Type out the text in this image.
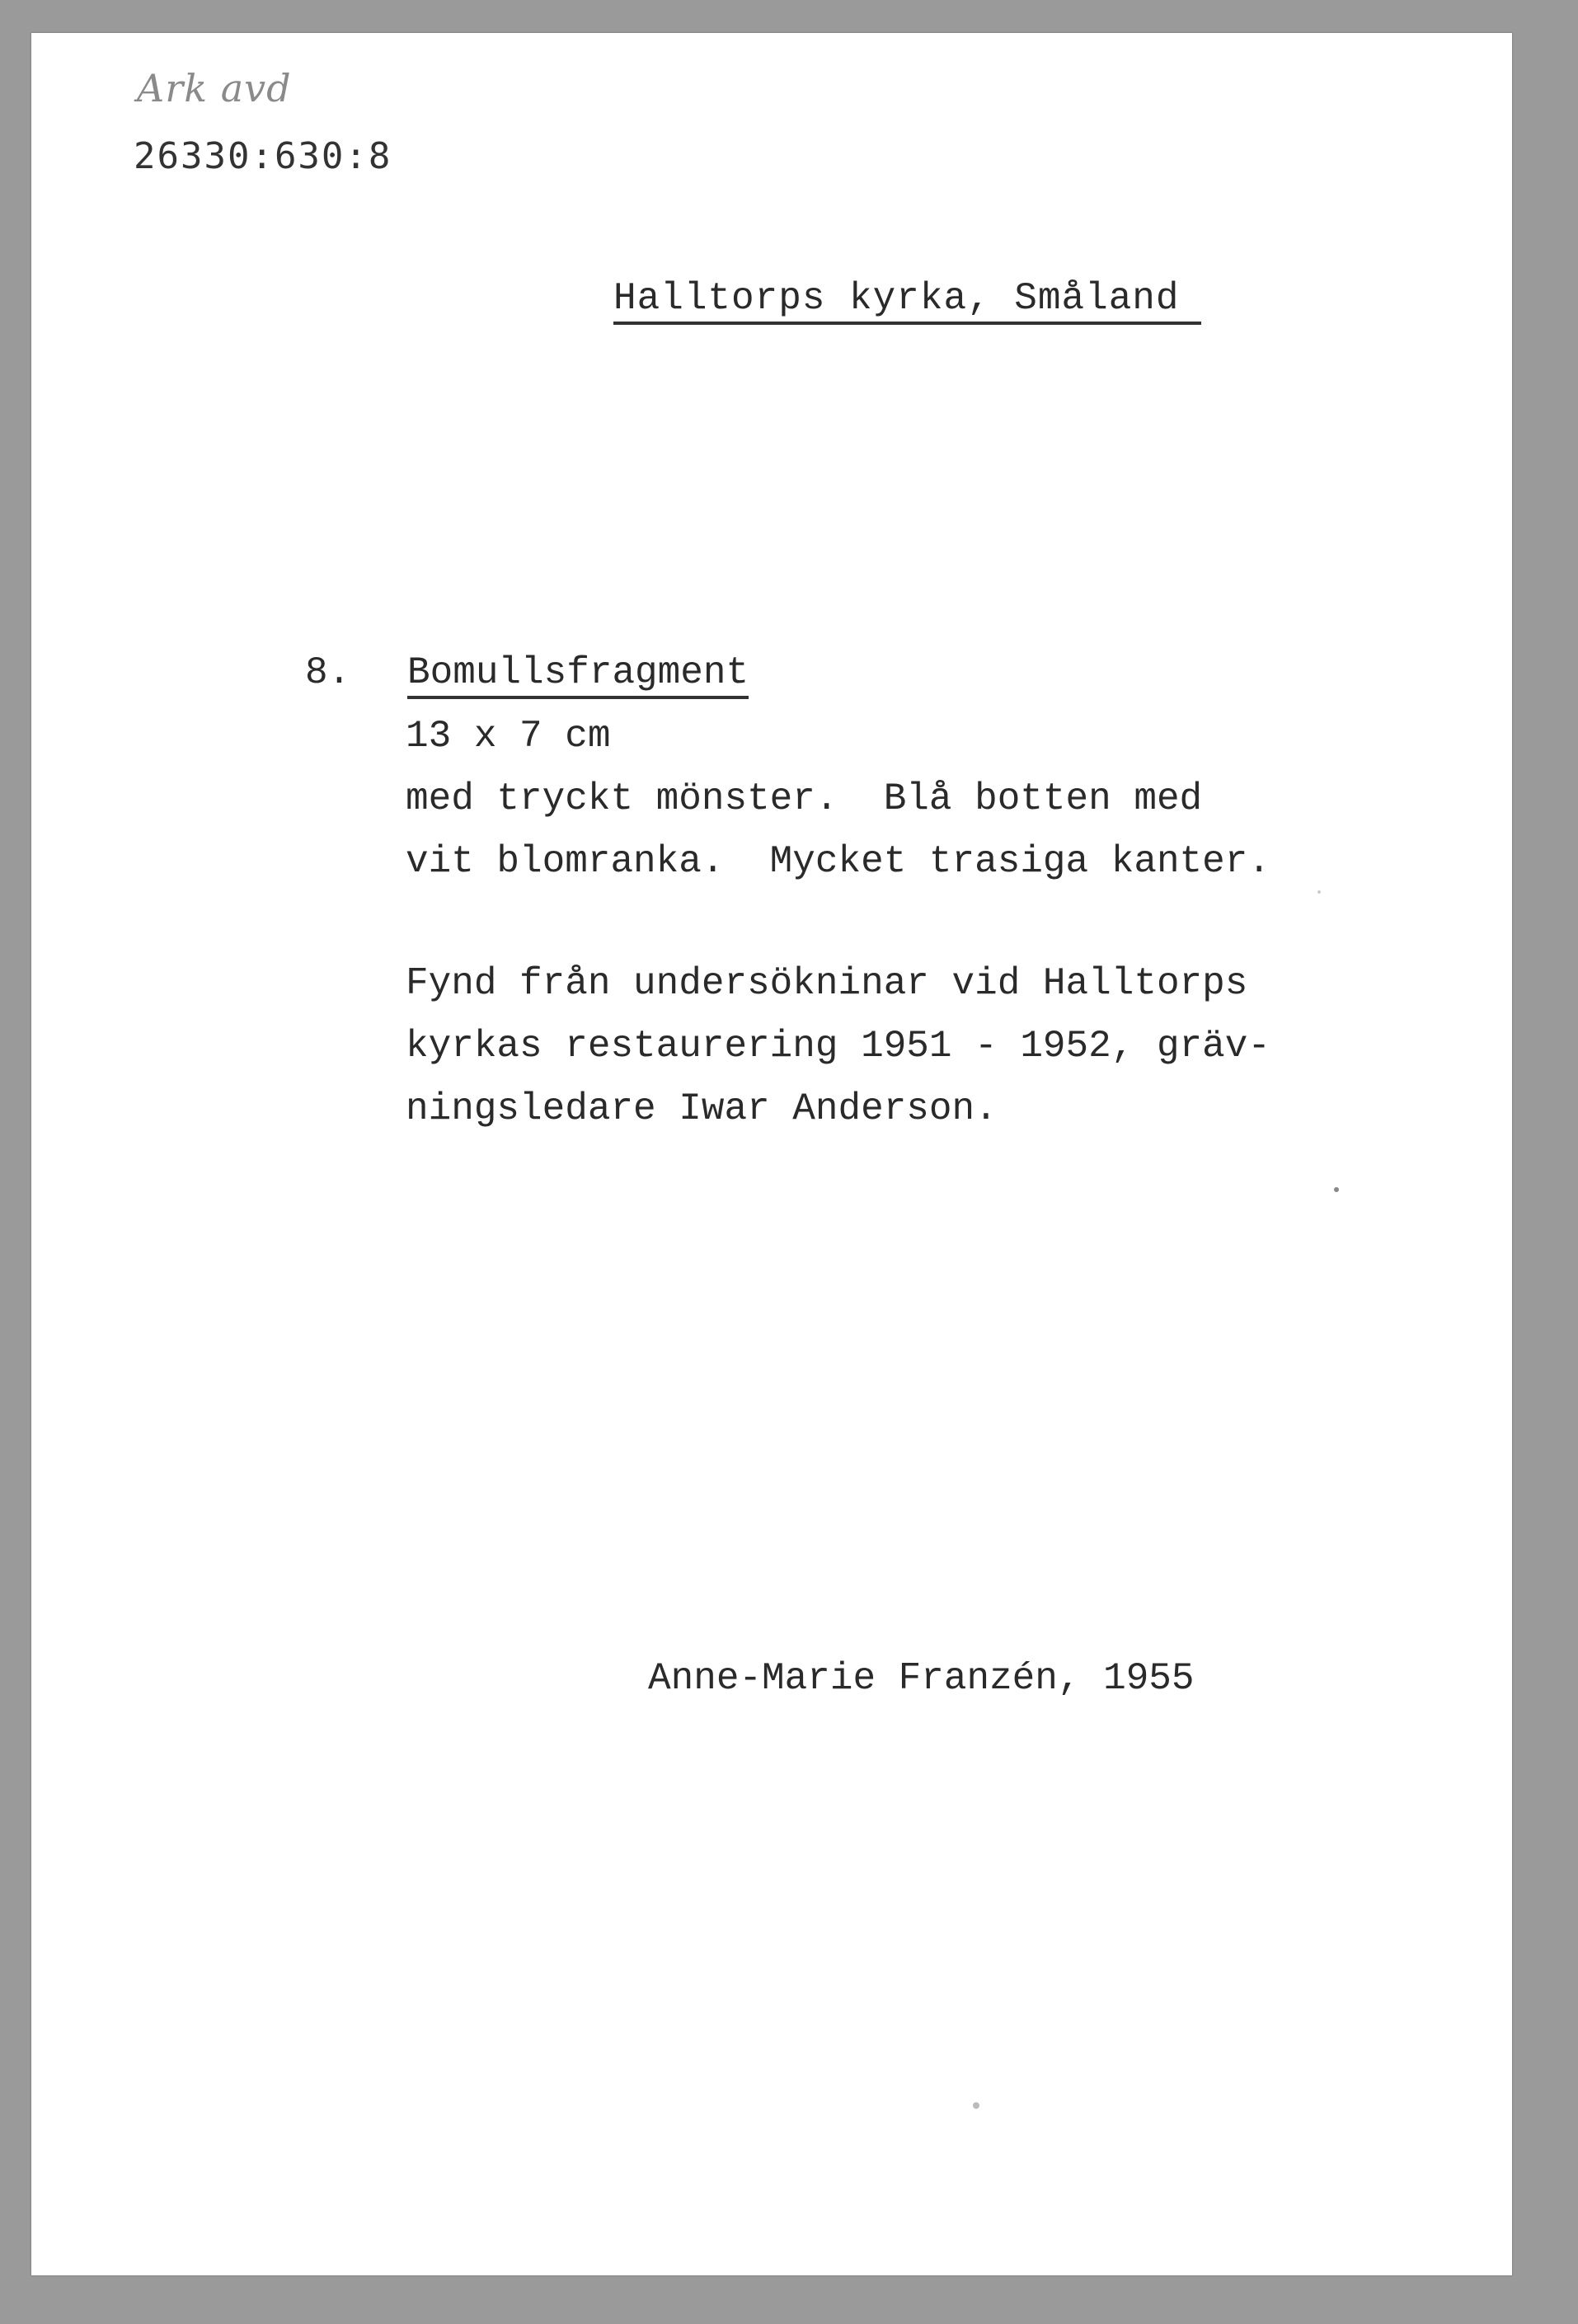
Ark avd
26330:630:8
Halltorps kyrka, Småland
8. Bomullsfragment
13 x 7 cm
med tryckt mönster.  Blå botten med
vit blomranka.  Mycket trasiga kanter.
Fynd från undersökninar vid Halltorps
kyrkas restaurering 1951 - 1952, gräv-
ningsledare Iwar Anderson.
Anne-Marie Franzén, 1955
